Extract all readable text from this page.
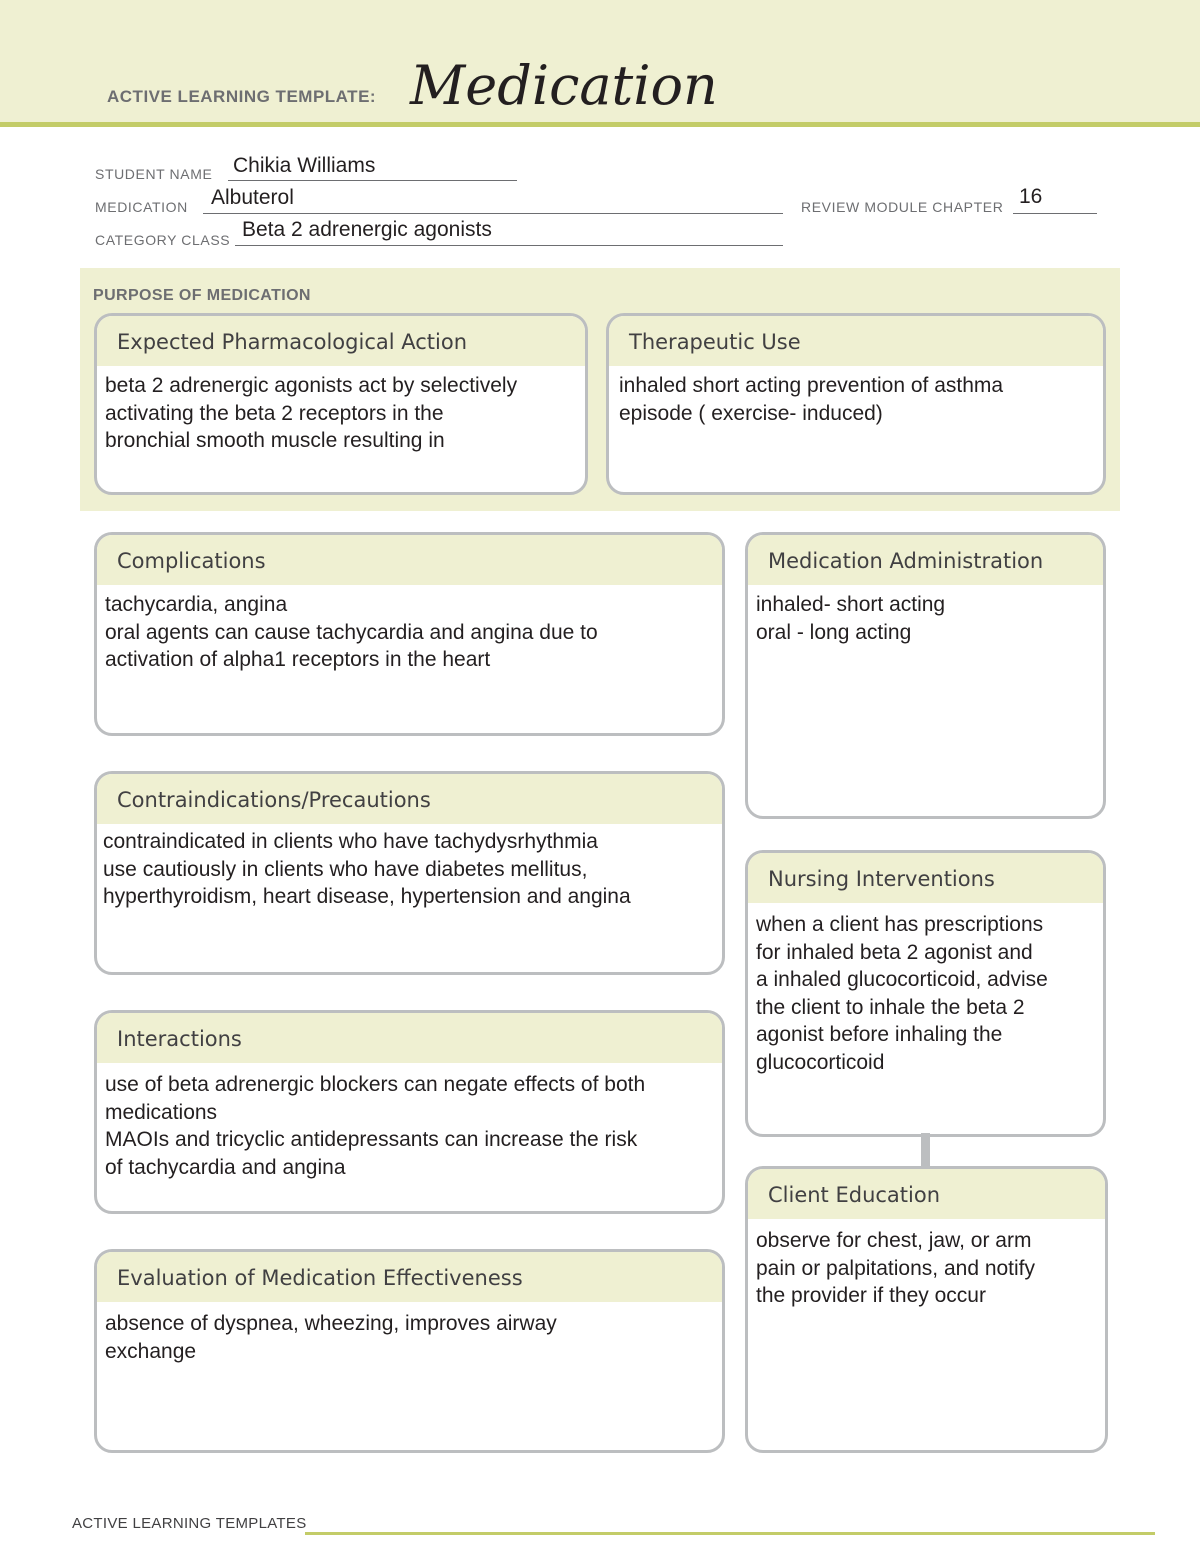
ACTIVE LEARNING TEMPLATE: Medication
STUDENT NAME Chikia Williams
MEDICATION Albuterol	REVIEW MODULE CHAPTER 16
CATEGORY CLASS Beta 2 adrenergic agonists
PURPOSE OF MEDICATION
Expected Pharmacological Action
beta 2 adrenergic agonists act by selectively
activating the beta 2 receptors in the
bronchial smooth muscle resulting in
Therapeutic Use
inhaled short acting prevention of asthma
episode ( exercise- induced)
Complications
tachycardia, angina
oral agents can cause tachycardia and angina due to
activation of alpha1 receptors in the heart
Contraindications/Precautions
contraindicated in clients who have tachydysrhythmia
use cautiously in clients who have diabetes mellitus,
hyperthyroidism, heart disease, hypertension and angina
Interactions
use of beta adrenergic blockers can negate effects of both
medications
MAOIs and tricyclic antidepressants can increase the risk
of tachycardia and angina
Evaluation of Medication Effectiveness
absence of dyspnea, wheezing, improves airway
exchange
Medication Administration
inhaled- short acting
oral - long acting
Nursing Interventions
when a client has prescriptions
for inhaled beta 2 agonist and
a inhaled glucocorticoid, advise
the client to inhale the beta 2
agonist before inhaling the
glucocorticoid
Client Education
observe for chest, jaw, or arm
pain or palpitations, and notify
the provider if they occur
ACTIVE LEARNING TEMPLATES
